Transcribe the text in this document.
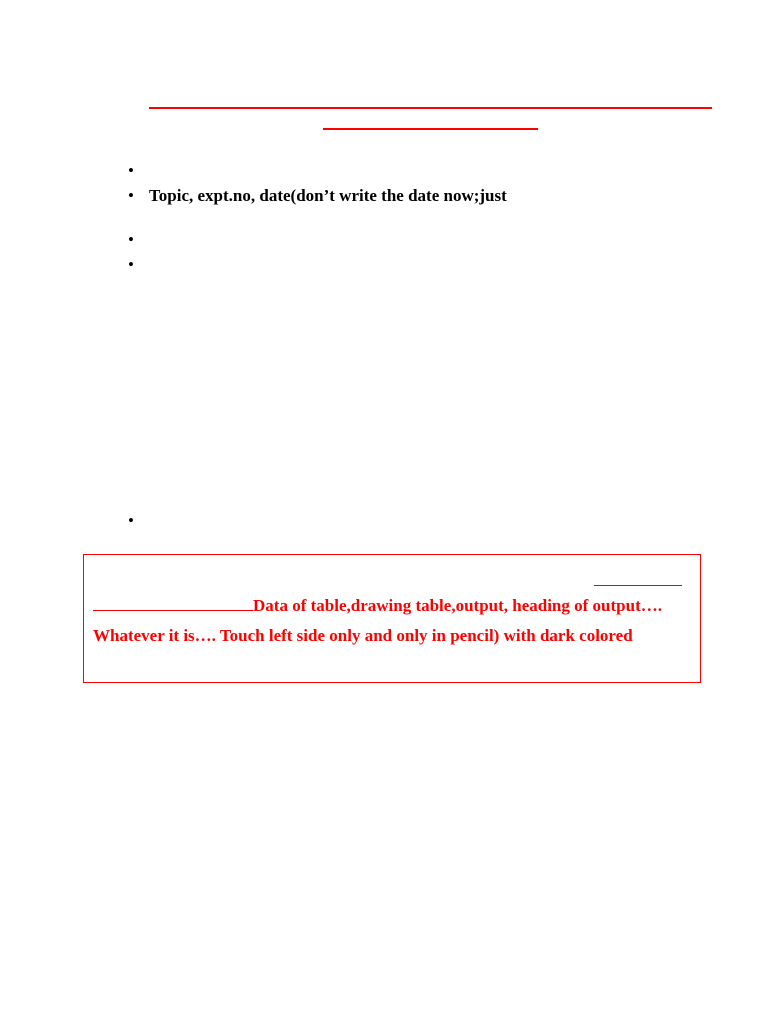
•
• Topic, expt.no, date(don’t write the date now;just
•
•
•
Data of table,drawing table,output, heading of output….
Whatever it is…. Touch left side only and only in pencil) with dark colored
